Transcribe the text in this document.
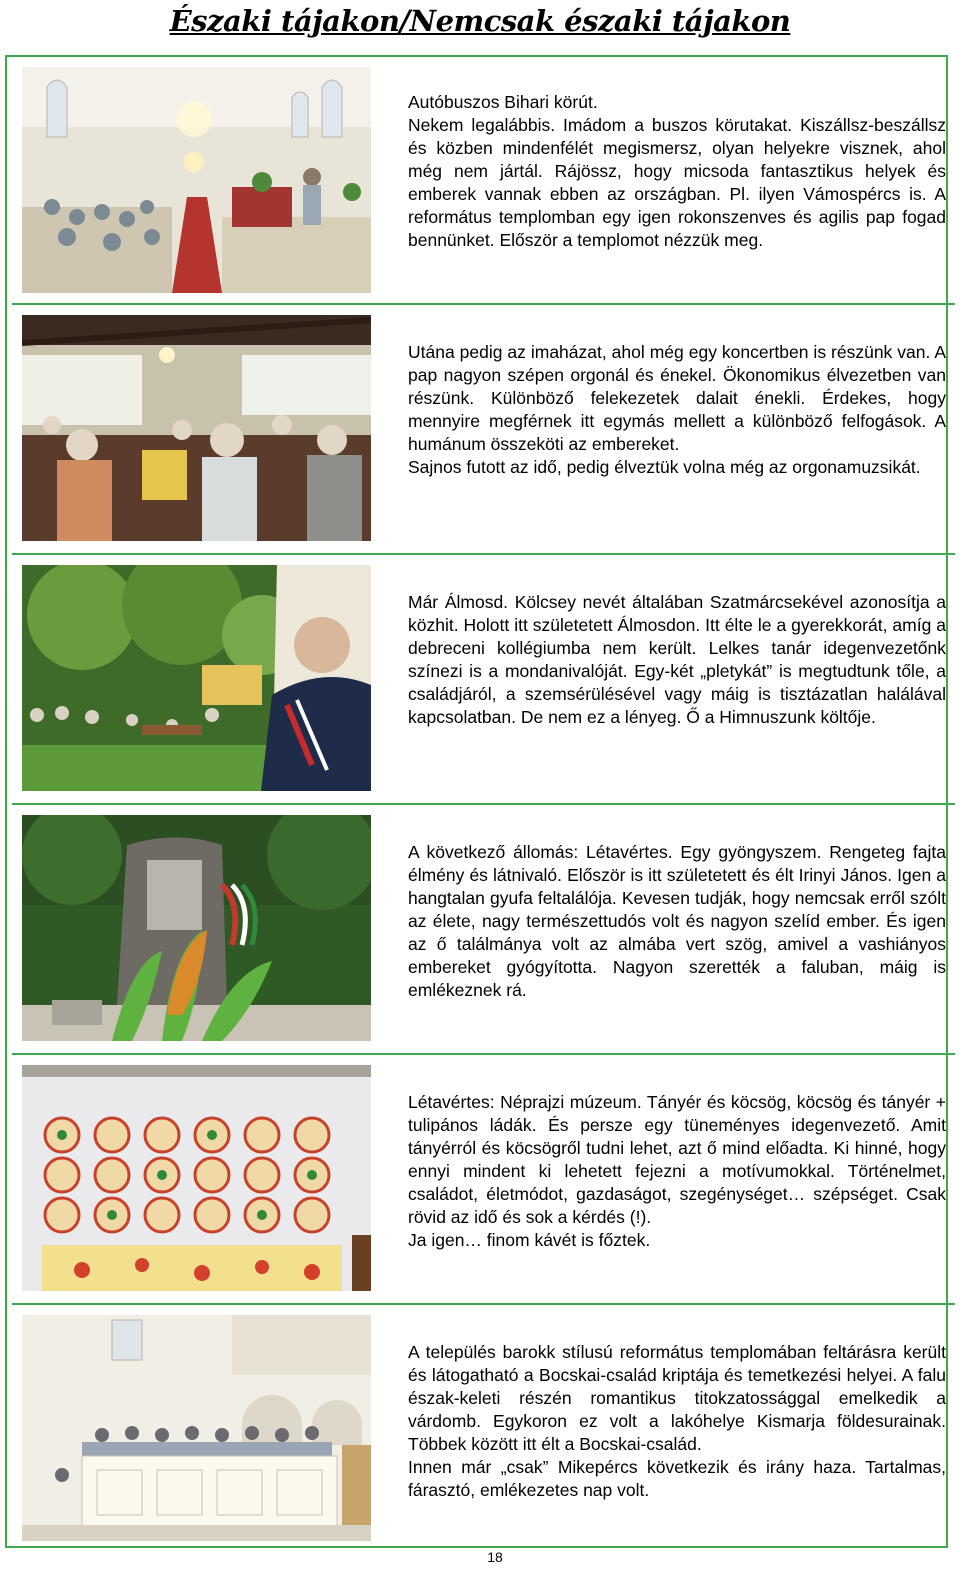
Északi tájakon/Nemcsak északi tájakon

Autóbuszos Bihari körút.

Nekem legalábbis. Imádom a buszos körutakat. Kiszállsz-beszállsz és közben mindenfélét megismersz, olyan helyekre visznek, ahol még nem jártál. Rájössz, hogy micsoda fantasztikus helyek és emberek vannak ebben az országban. Pl. ilyen Vámospércs is. A református templomban egy igen rokonszenves és agilis pap fogad bennünket. Először a templomot nézzük meg.

Utána pedig az imaházat, ahol még egy koncertben is részünk van. A pap nagyon szépen orgonál és énekel. Ökonomikus élvezetben van részünk. Különböző felekezetek dalait énekli. Érdekes, hogy mennyire megférnek itt egymás mellett a különböző felfogások. A humánum összeköti az embereket.

Sajnos futott az idő, pedig élveztük volna még az orgonamuzsikát.

Már Álmosd. Kölcsey nevét általában Szatmárcsekével azonosítja a közhit. Holott itt születetett Álmosdon. Itt élte le a gyerekkorát, amíg a debreceni kollégiumba nem került. Lelkes tanár idegenvezetőnk színezi is a mondanivalóját. Egy-két „pletykát” is megtudtunk tőle, a családjáról, a szemsérülésével vagy máig is tisztázatlan halálával kapcsolatban. De nem ez a lényeg. Ő a Himnuszunk költője.

A következő állomás: Létavértes. Egy gyöngyszem. Rengeteg fajta élmény és látnivaló. Először is itt születetett és élt Irinyi János. Igen a hangtalan gyufa feltalálója. Kevesen tudják, hogy nemcsak erről szólt az élete, nagy természettudós volt és nagyon szelíd ember. És igen az ő találmánya volt az almába vert szög, amivel a vashiányos embereket gyógyította. Nagyon szerették a faluban, máig is emlékeznek rá.

Létavértes: Néprajzi múzeum. Tányér és köcsög, köcsög és tányér + tulipános ládák. És persze egy tüneményes idegenvezető. Amit tányérról és köcsögről tudni lehet, azt ő mind előadta. Ki hinné, hogy ennyi mindent ki lehetett fejezni a motívumokkal. Történelmet, családot, életmódot, gazdaságot, szegénységet… szépséget. Csak rövid az idő és sok a kérdés (!).

Ja igen… finom kávét is főztek.

A település barokk stílusú református templomában feltárásra került és látogatható a Bocskai-család kriptája és temetkezési helyei. A falu észak-keleti részén romantikus titokzatossággal emelkedik a várdomb. Egykoron ez volt a lakóhelye Kismarja földesurainak. Többek között itt élt a Bocskai-család.

Innen már „csak” Mikepércs következik és irány haza. Tartalmas, fárasztó, emlékezetes nap volt.

18
